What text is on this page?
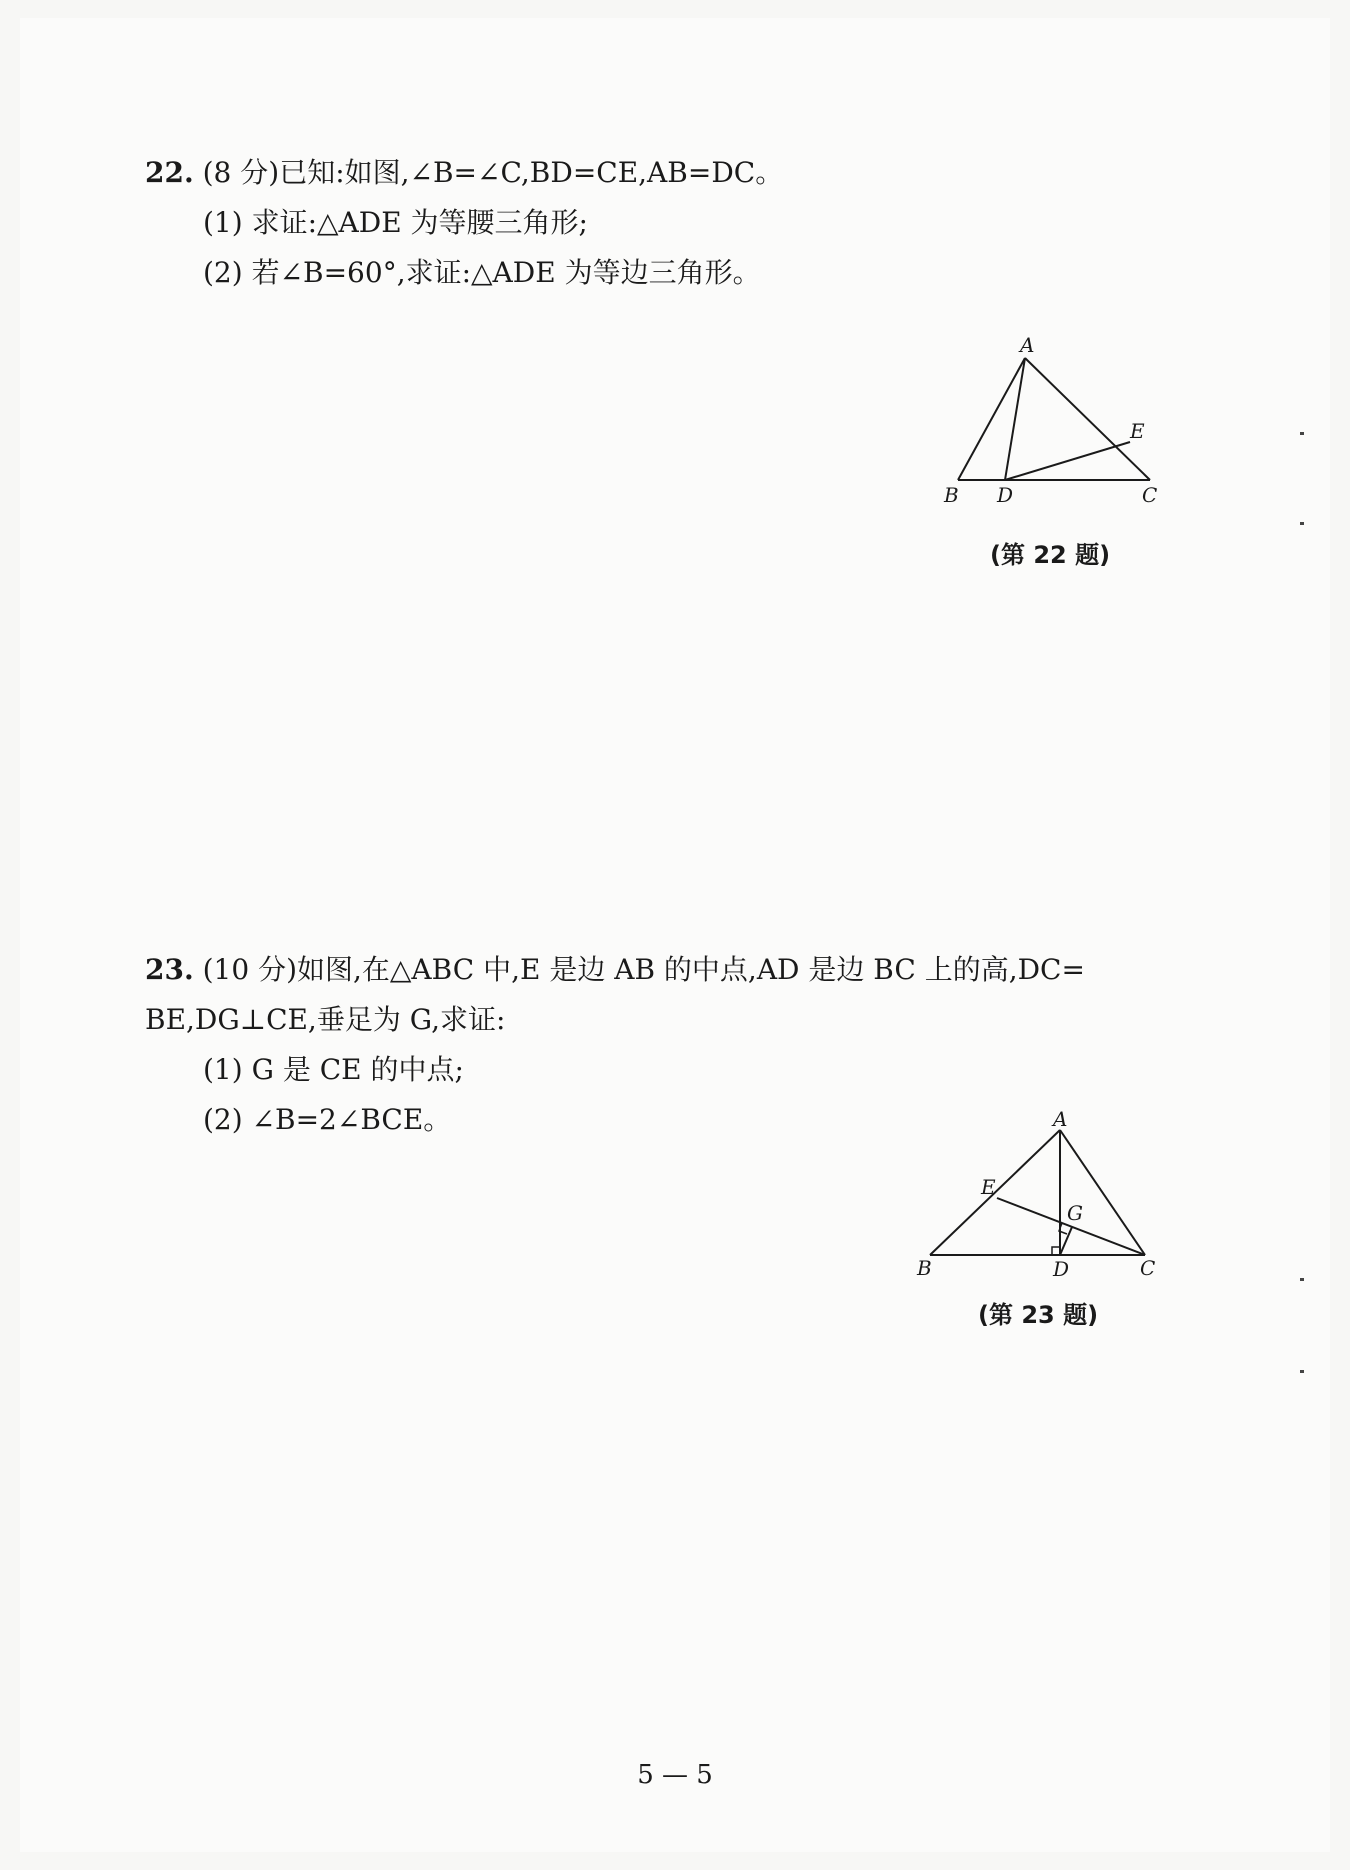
22. (8 分)已知:如图,∠B=∠C,BD=CE,AB=DC。
(1) 求证:△ADE 为等腰三角形;
(2) 若∠B=60°,求证:△ADE 为等边三角形。
A
B D	C
E
(第 22 题)
23. (10 分)如图,在△ABC 中,E 是边 AB 的中点,AD 是边 BC 上的高,DC=
BE,DG⊥CE,垂足为 G,求证:
(1) G 是 CE 的中点;
(2) ∠B=2∠BCE。	A
E
G
B	D	C
(第 23 题)
5 — 5
